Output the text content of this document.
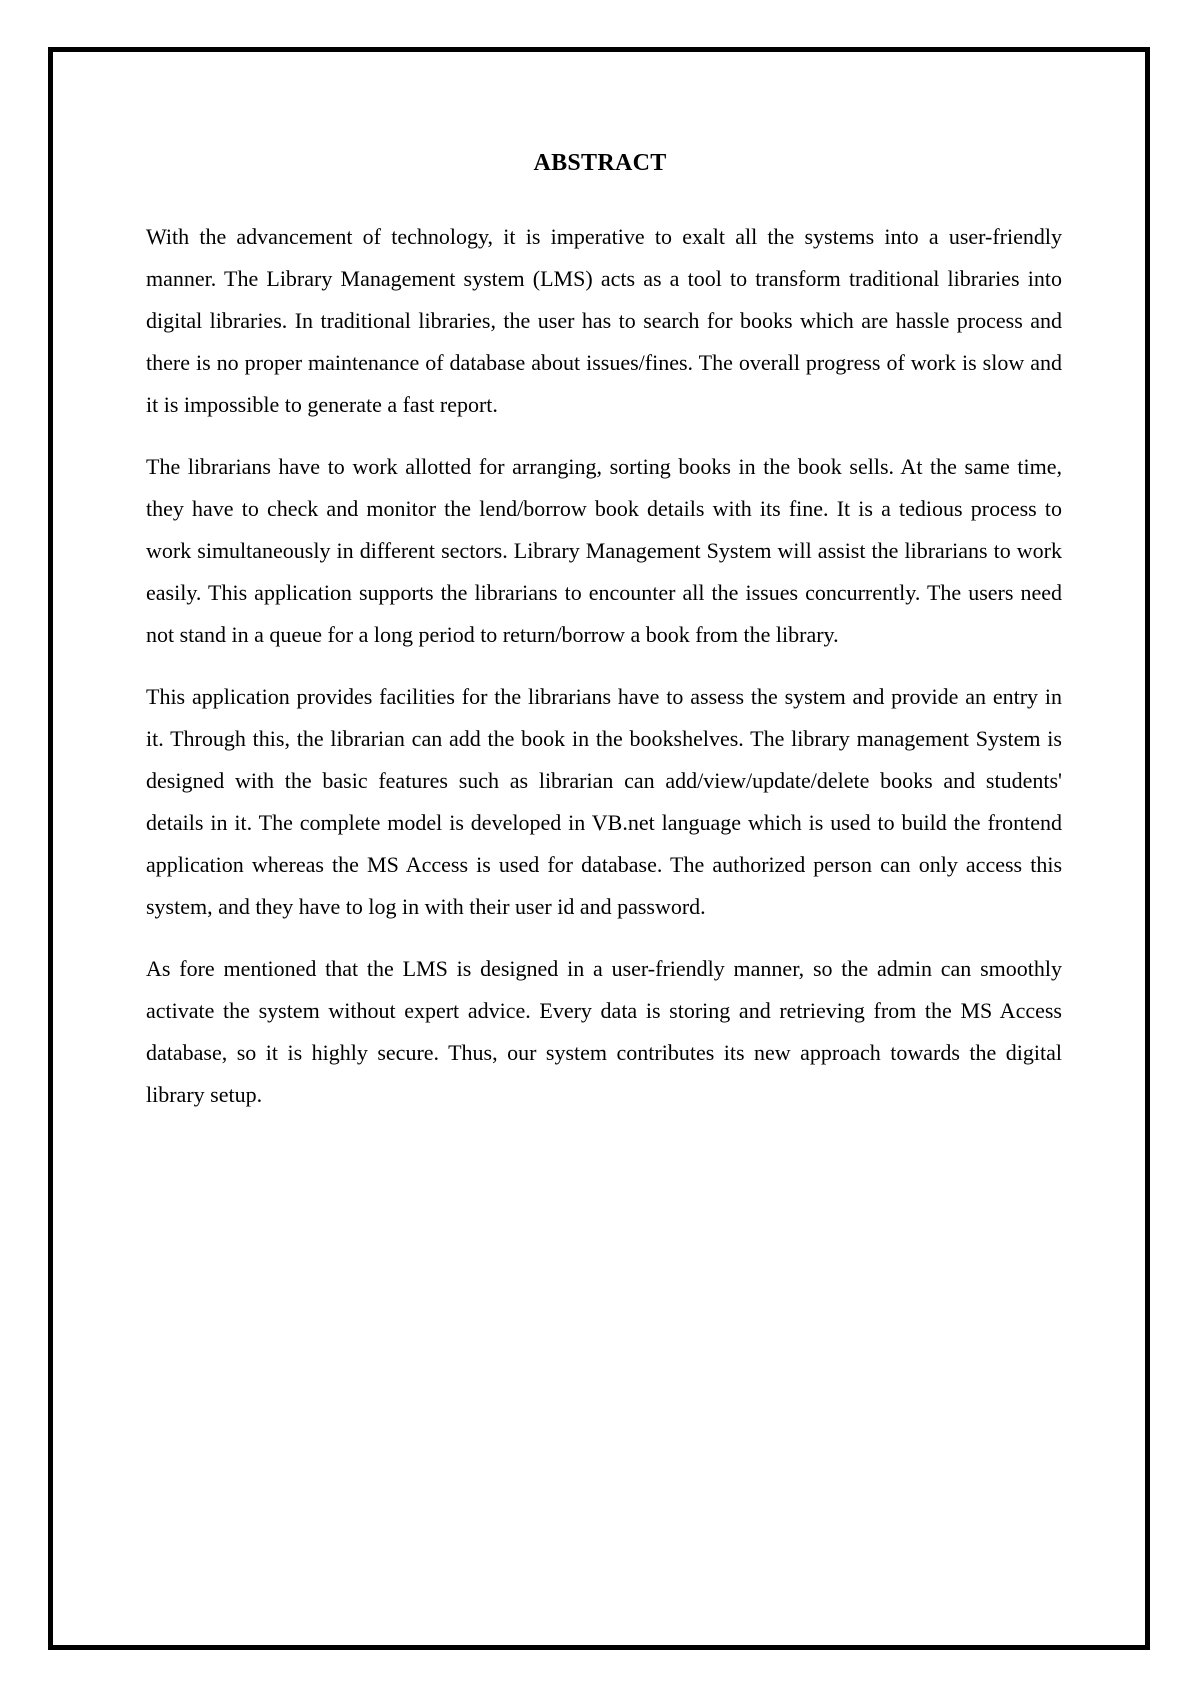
ABSTRACT

With the advancement of technology, it is imperative to exalt all the systems into a user-friendly manner. The Library Management system (LMS) acts as a tool to transform traditional libraries into digital libraries. In traditional libraries, the user has to search for books which are hassle process and there is no proper maintenance of database about issues/fines. The overall progress of work is slow and it is impossible to generate a fast report.

The librarians have to work allotted for arranging, sorting books in the book sells. At the same time, they have to check and monitor the lend/borrow book details with its fine. It is a tedious process to work simultaneously in different sectors. Library Management System will assist the librarians to work easily. This application supports the librarians to encounter all the issues concurrently. The users need not stand in a queue for a long period to return/borrow a book from the library.

This application provides facilities for the librarians have to assess the system and provide an entry in it. Through this, the librarian can add the book in the bookshelves. The library management System is designed with the basic features such as librarian can add/view/update/delete books and students' details in it. The complete model is developed in VB.net language which is used to build the frontend application whereas the MS Access is used for database. The authorized person can only access this system, and they have to log in with their user id and password.

As fore mentioned that the LMS is designed in a user-friendly manner, so the admin can smoothly activate the system without expert advice. Every data is storing and retrieving from the MS Access database, so it is highly secure. Thus, our system contributes its new approach towards the digital library setup.
